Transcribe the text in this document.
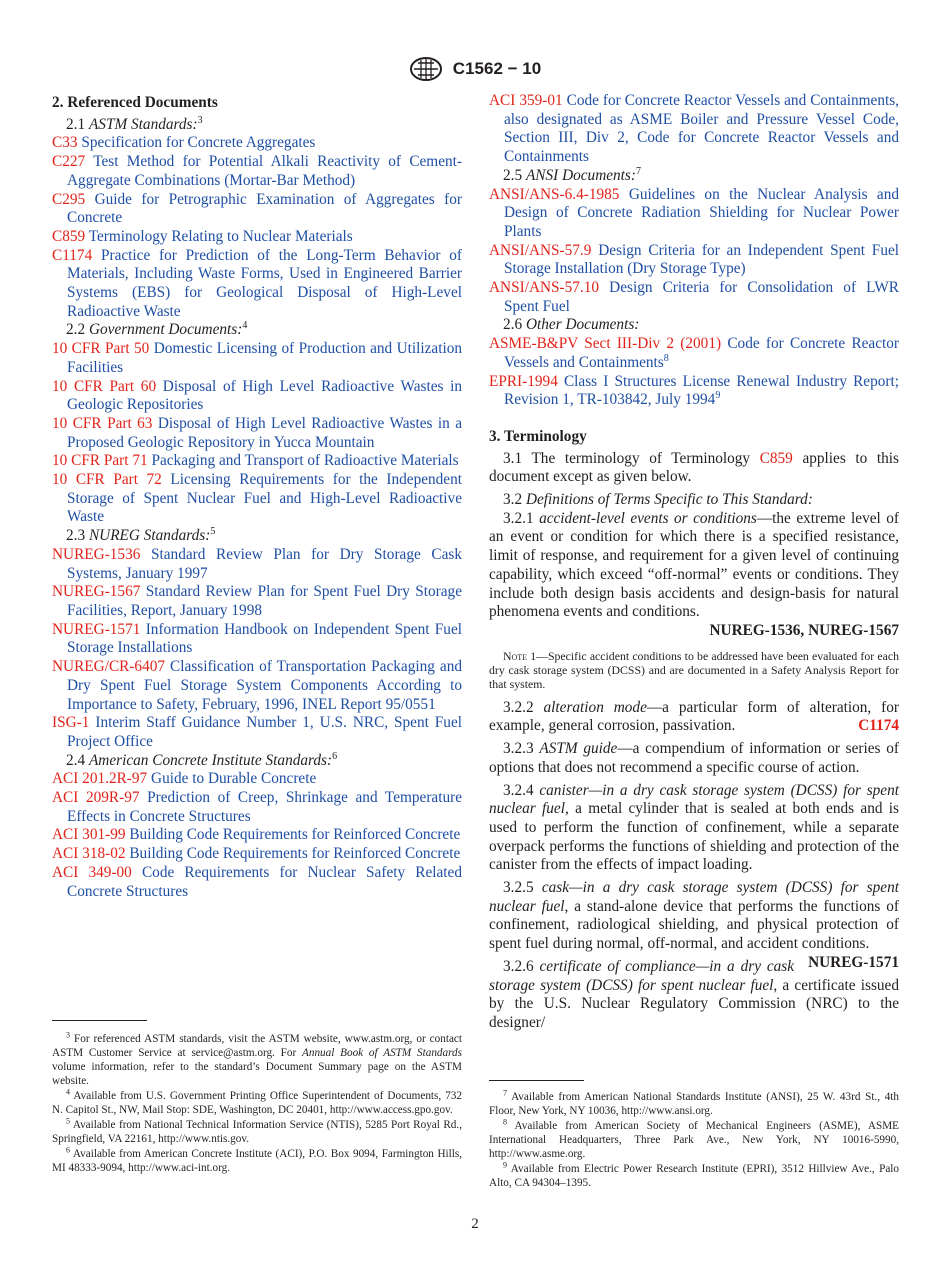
C1562 − 10
2. Referenced Documents
2.1 ASTM Standards:$^3$
C33 Specification for Concrete Aggregates
C227 Test Method for Potential Alkali Reactivity of Cement-Aggregate Combinations (Mortar-Bar Method)
C295 Guide for Petrographic Examination of Aggregates for Concrete
C859 Terminology Relating to Nuclear Materials
C1174 Practice for Prediction of the Long-Term Behavior of Materials, Including Waste Forms, Used in Engineered Barrier Systems (EBS) for Geological Disposal of High-Level Radioactive Waste
2.2 Government Documents:$^4$
10 CFR Part 50 Domestic Licensing of Production and Utilization Facilities
10 CFR Part 60 Disposal of High Level Radioactive Wastes in Geologic Repositories
10 CFR Part 63 Disposal of High Level Radioactive Wastes in a Proposed Geologic Repository in Yucca Mountain
10 CFR Part 71 Packaging and Transport of Radioactive Materials
10 CFR Part 72 Licensing Requirements for the Independent Storage of Spent Nuclear Fuel and High-Level Radioactive Waste
2.3 NUREG Standards:$^5$
NUREG-1536 Standard Review Plan for Dry Storage Cask Systems, January 1997
NUREG-1567 Standard Review Plan for Spent Fuel Dry Storage Facilities, Report, January 1998
NUREG-1571 Information Handbook on Independent Spent Fuel Storage Installations
NUREG/CR-6407 Classification of Transportation Packaging and Dry Spent Fuel Storage System Components According to Importance to Safety, February, 1996, INEL Report 95/0551
ISG-1 Interim Staff Guidance Number 1, U.S. NRC, Spent Fuel Project Office
2.4 American Concrete Institute Standards:$^6$
ACI 201.2R-97 Guide to Durable Concrete
ACI 209R-97 Prediction of Creep, Shrinkage and Temperature Effects in Concrete Structures
ACI 301-99 Building Code Requirements for Reinforced Concrete
ACI 318-02 Building Code Requirements for Reinforced Concrete
ACI 349-00 Code Requirements for Nuclear Safety Related Concrete Structures
ACI 359-01 Code for Concrete Reactor Vessels and Containments, also designated as ASME Boiler and Pressure Vessel Code, Section III, Div 2, Code for Concrete Reactor Vessels and Containments
2.5 ANSI Documents:$^7$
ANSI/ANS-6.4-1985 Guidelines on the Nuclear Analysis and Design of Concrete Radiation Shielding for Nuclear Power Plants
ANSI/ANS-57.9 Design Criteria for an Independent Spent Fuel Storage Installation (Dry Storage Type)
ANSI/ANS-57.10 Design Criteria for Consolidation of LWR Spent Fuel
2.6 Other Documents:
ASME-B&PV Sect III-Div 2 (2001) Code for Concrete Reactor Vessels and Containments$^8$
EPRI-1994 Class I Structures License Renewal Industry Report; Revision 1, TR-103842, July 1994$^9$
3. Terminology
3.1 The terminology of Terminology C859 applies to this document except as given below.
3.2 Definitions of Terms Specific to This Standard:
3.2.1 accident-level events or conditions—the extreme level of an event or condition for which there is a specified resistance, limit of response, and requirement for a given level of continuing capability, which exceed “off-normal” events or conditions. They include both design basis accidents and design-basis for natural phenomena events and conditions.
NUREG-1536, NUREG-1567
Note 1—Specific accident conditions to be addressed have been evaluated for each dry cask storage system (DCSS) and are documented in a Safety Analysis Report for that system.
3.2.2 alteration mode—a particular form of alteration, for example, general corrosion, passivation.	C1174
3.2.3 ASTM guide—a compendium of information or series of options that does not recommend a specific course of action.
3.2.4 canister—in a dry cask storage system (DCSS) for spent nuclear fuel, a metal cylinder that is sealed at both ends and is used to perform the function of confinement, while a separate overpack performs the functions of shielding and protection of the canister from the effects of impact loading.
3.2.5 cask—in a dry cask storage system (DCSS) for spent nuclear fuel, a stand-alone device that performs the functions of confinement, radiological shielding, and physical protection of spent fuel during normal, off-normal, and accident conditions.
NUREG-1571
3.2.6 certificate of compliance—in a dry cask storage system (DCSS) for spent nuclear fuel, a certificate issued by the U.S. Nuclear Regulatory Commission (NRC) to the designer/
$^3$ For referenced ASTM standards, visit the ASTM website, www.astm.org, or contact ASTM Customer Service at service@astm.org. For Annual Book of ASTM Standards volume information, refer to the standard’s Document Summary page on the ASTM website.
$^4$ Available from U.S. Government Printing Office Superintendent of Documents, 732 N. Capitol St., NW, Mail Stop: SDE, Washington, DC 20401, http://www.access.gpo.gov.
$^5$ Available from National Technical Information Service (NTIS), 5285 Port Royal Rd., Springfield, VA 22161, http://www.ntis.gov.
$^6$ Available from American Concrete Institute (ACI), P.O. Box 9094, Farmington Hills, MI 48333-9094, http://www.aci-int.org.
$^7$ Available from American National Standards Institute (ANSI), 25 W. 43rd St., 4th Floor, New York, NY 10036, http://www.ansi.org.
$^8$ Available from American Society of Mechanical Engineers (ASME), ASME International Headquarters, Three Park Ave., New York, NY 10016-5990, http://www.asme.org.
$^9$ Available from Electric Power Research Institute (EPRI), 3512 Hillview Ave., Palo Alto, CA 94304–1395.
2
